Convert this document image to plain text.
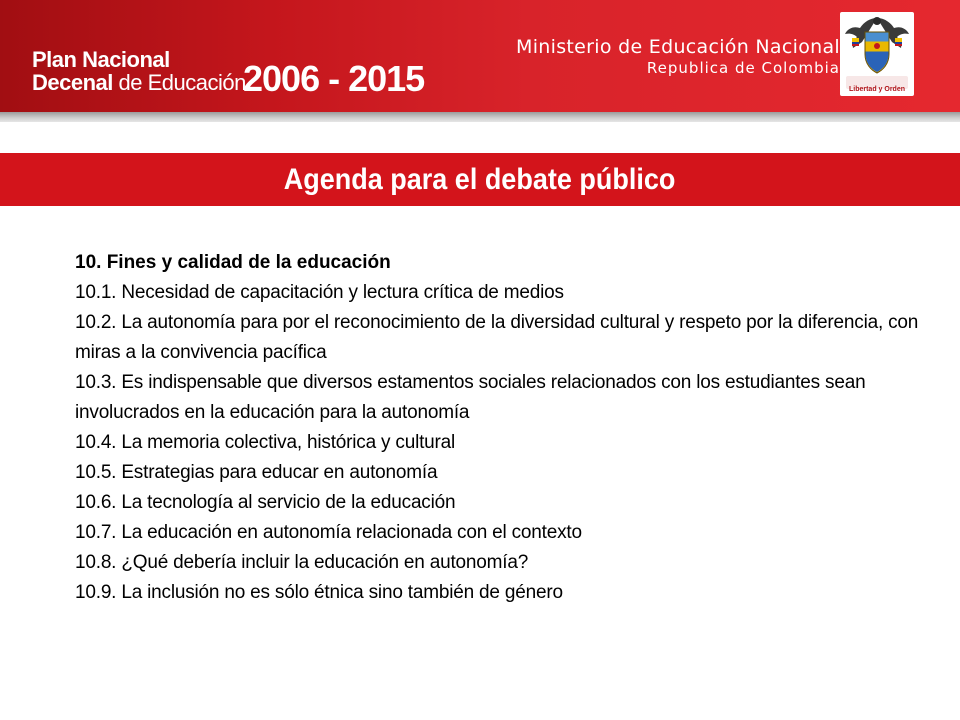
Plan Nacional
Decenal de Educación
2006 - 2015
Ministerio de Educación Nacional
Republica de Colombia
Libertad y Orden
Agenda para el debate público
10. Fines y calidad de la educación
10.1. Necesidad de capacitación y lectura crítica de medios
10.2. La autonomía para por el reconocimiento de la diversidad cultural y respeto por la diferencia, con miras a la convivencia pacífica
10.3. Es indispensable que diversos estamentos sociales relacionados con los estudiantes sean involucrados en la educación para la autonomía
10.4. La memoria colectiva, histórica y cultural
10.5. Estrategias para educar en autonomía
10.6. La tecnología al servicio de la educación
10.7. La educación en autonomía relacionada con el contexto
10.8. ¿Qué debería incluir la educación en autonomía?
10.9. La inclusión no es sólo étnica sino también de género
